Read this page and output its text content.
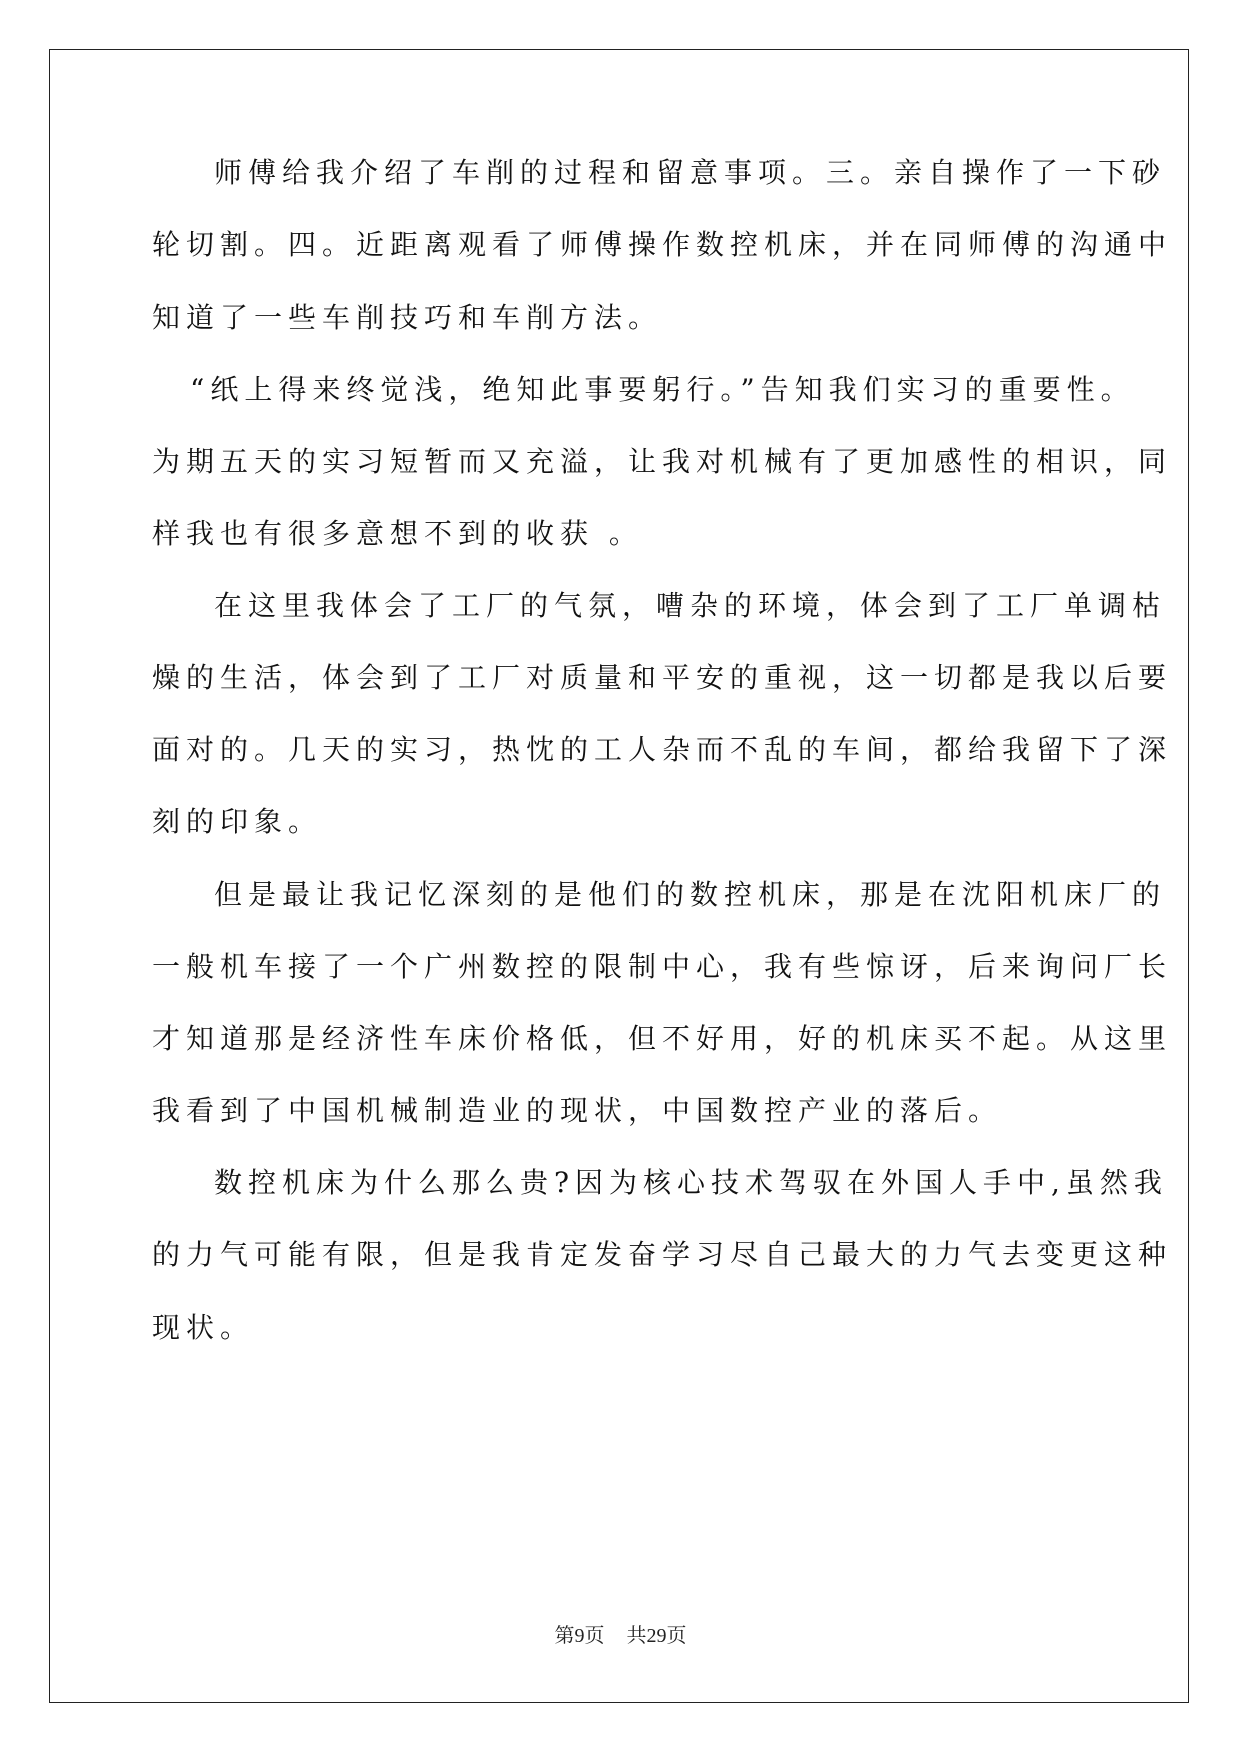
师傅给我介绍了车削的过程和留意事项。三。亲自操作了一下砂
轮切割。四。近距离观看了师傅操作数控机床，并在同师傅的沟通中
知道了一些车削技巧和车削方法。
“纸上得来终觉浅，绝知此事要躬行。”告知我们实习的重要性。
为期五天的实习短暂而又充溢，让我对机械有了更加感性的相识，同
样我也有很多意想不到的收获 。
在这里我体会了工厂的气氛，嘈杂的环境，体会到了工厂单调枯
燥的生活，体会到了工厂对质量和平安的重视，这一切都是我以后要
面对的。几天的实习，热忱的工人杂而不乱的车间，都给我留下了深
刻的印象。
但是最让我记忆深刻的是他们的数控机床，那是在沈阳机床厂的
一般机车接了一个广州数控的限制中心，我有些惊讶，后来询问厂长
才知道那是经济性车床价格低，但不好用，好的机床买不起。从这里
我看到了中国机械制造业的现状，中国数控产业的落后。
数控机床为什么那么贵?因为核心技术驾驭在外国人手中,虽然我
的力气可能有限，但是我肯定发奋学习尽自己最大的力气去变更这种
现状。
第9页 共29页
